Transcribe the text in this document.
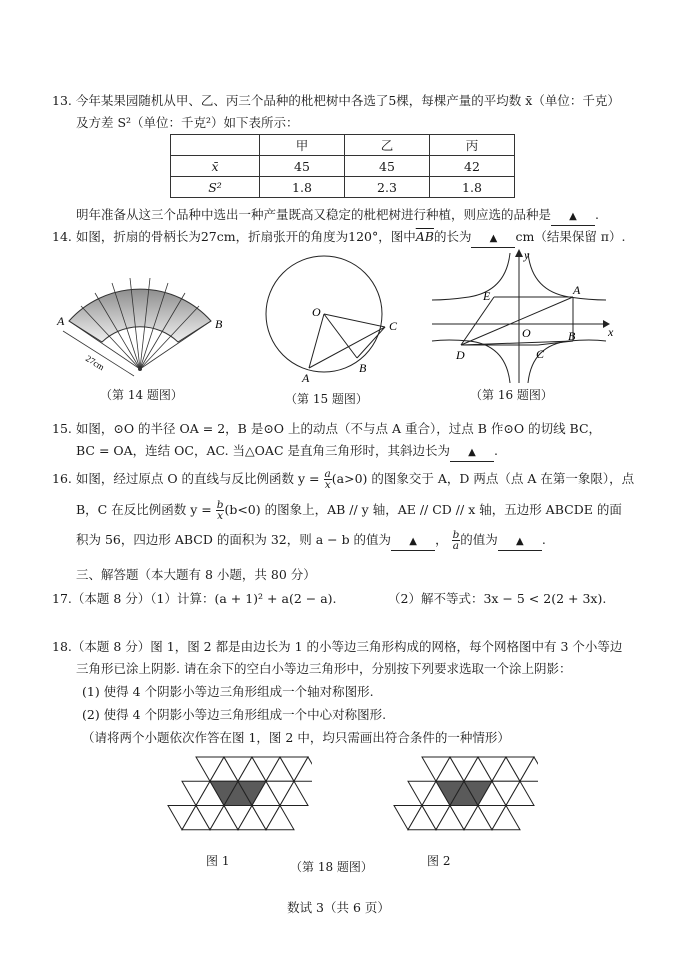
13. 今年某果园随机从甲、乙、丙三个品种的枇杷树中各选了5棵，每棵产量的平均数 x̄（单位：千克）
及方差 S²（单位：千克²）如下表所示：
	甲	乙	丙
x̄	45	45	42
S²	1.8	2.3	1.8
明年准备从这三个品种中选出一种产量既高又稳定的枇杷树进行种植，则应选的品种是 ▲ .
14. 如图，折扇的骨柄长为27cm，折扇张开的角度为120°，图中$\overline{AB}$的长为 ▲ cm（结果保留 π）.
A	B
27cm
（第 14 题图）
O
A
B
C
（第 15 题图）
y
x
O
A
B
C
D
E
（第 16 题图）
15. 如图，⊙O 的半径 OA = 2，B 是⊙O 上的动点（不与点 A 重合），过点 B 作⊙O 的切线 BC，
BC = OA，连结 OC，AC. 当△OAC 是直角三角形时，其斜边长为 ▲ .
16. 如图，经过原点 O 的直线与反比例函数 $y = \frac{a}{x} (a>0)$ 的图象交于 A，D 两点（点 A 在第一象限），点
B，C 在反比例函数 $y = \frac{b}{x} (b<0)$ 的图象上，AB // y 轴，AE // CD // x 轴，五边形 ABCDE 的面
积为 56，四边形 ABCD 的面积为 32，则 a − b 的值为 ▲ ， $\frac{b}{a}$ 的值为 ▲ .
三、解答题（本大题有 8 小题，共 80 分）
17.（本题 8 分）（1）计算：(a + 1)² + a(2 − a).	（2）解不等式：3x − 5 < 2(2 + 3x).
18.（本题 8 分）图 1，图 2 都是由边长为 1 的小等边三角形构成的网格，每个网格图中有 3 个小等边
三角形已涂上阴影. 请在余下的空白小等边三角形中，分别按下列要求选取一个涂上阴影：
(1) 使得 4 个阴影小等边三角形组成一个轴对称图形.
(2) 使得 4 个阴影小等边三角形组成一个中心对称图形.
（请将两个小题依次作答在图 1，图 2 中，均只需画出符合条件的一种情形）
图 1	图 2
（第 18 题图）
数试 3（共 6 页）
